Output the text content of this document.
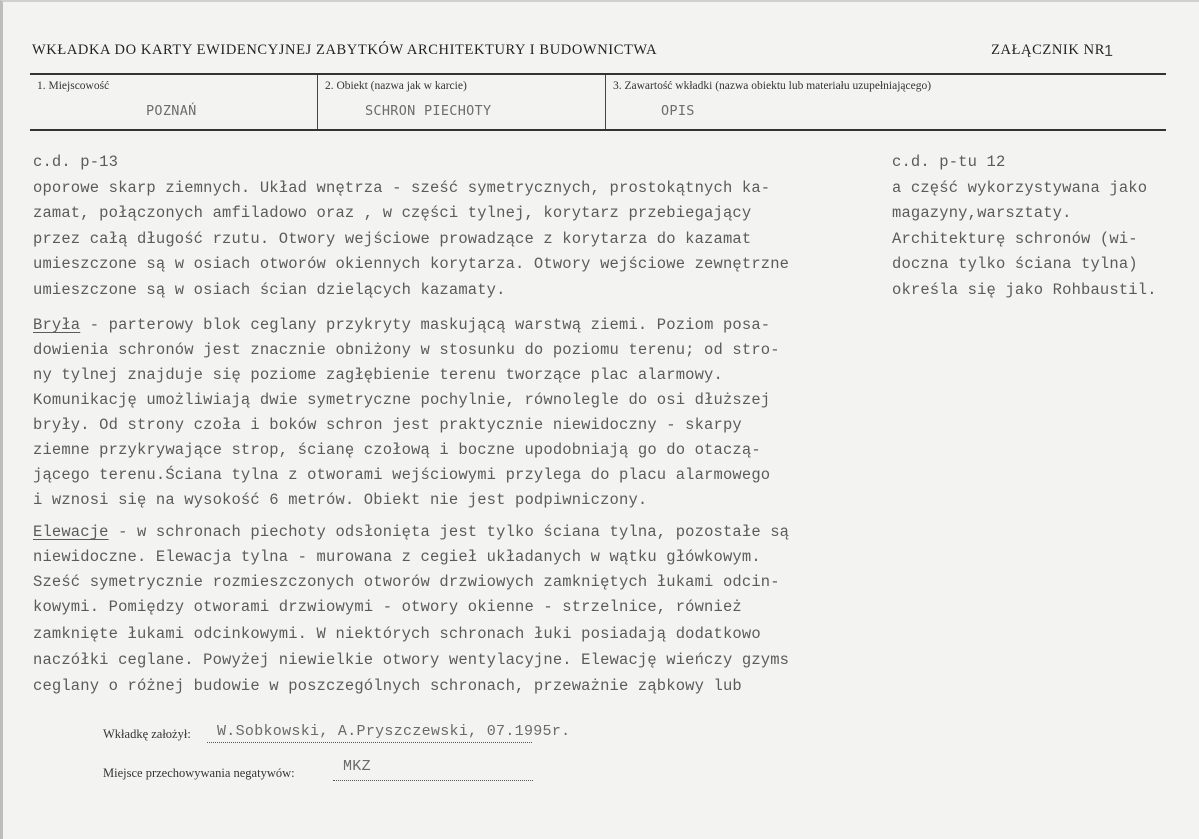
WKŁADKA DO KARTY EWIDENCYJNEJ ZABYTKÓW ARCHITEKTURY I BUDOWNICTWA	ZAŁĄCZNIK NR 1
1. Miejscowość
POZNAŃ
2. Obiekt (nazwa jak w karcie)
SCHRON PIECHOTY
3. Zawartość wkładki (nazwa obiektu lub materiału uzupełniającego)
OPIS
c.d. p-13
oporowe skarp ziemnych. Układ wnętrza - sześć symetrycznych, prostokątnych ka-
zamat, połączonych amfiladowo oraz , w części tylnej, korytarz przebiegający
przez całą długość rzutu. Otwory wejściowe prowadzące z korytarza do kazamat
umieszczone są w osiach otworów okiennych korytarza. Otwory wejściowe zewnętrzne
umieszczone są w osiach ścian dzielących kazamaty.
Bryła - parterowy blok ceglany przykryty maskującą warstwą ziemi. Poziom posa-
dowienia schronów jest znacznie obniżony w stosunku do poziomu terenu; od stro-
ny tylnej znajduje się poziome zagłębienie terenu tworzące plac alarmowy.
Komunikację umożliwiają dwie symetryczne pochylnie, równolegle do osi dłuższej
bryły. Od strony czoła i boków schron jest praktycznie niewidoczny - skarpy
ziemne przykrywające strop, ścianę czołową i boczne upodobniają go do otaczą-
jącego terenu.Ściana tylna z otworami wejściowymi przylega do placu alarmowego
i wznosi się na wysokość 6 metrów. Obiekt nie jest podpiwniczony.
Elewacje - w schronach piechoty odsłonięta jest tylko ściana tylna, pozostałe są
niewidoczne. Elewacja tylna - murowana z cegieł układanych w wątku główkowym.
Sześć symetrycznie rozmieszczonych otworów drzwiowych zamkniętych łukami odcin-
kowymi. Pomiędzy otworami drzwiowymi - otwory okienne - strzelnice, również
zamknięte łukami odcinkowymi. W niektórych schronach łuki posiadają dodatkowo
naczółki ceglane. Powyżej niewielkie otwory wentylacyjne. Elewację wieńczy gzyms
ceglany o różnej budowie w poszczególnych schronach, przeważnie ząbkowy lub
c.d. p-tu 12
a część wykorzystywana jako
magazyny,warsztaty.
Architekturę schronów (wi-
doczna tylko ściana tylna)
określa się jako Rohbaustil.
Wkładkę założył: W.Sobkowski, A.Pryszczewski, 07.1995r.
Miejsce przechowywania negatywów:	MKZ
